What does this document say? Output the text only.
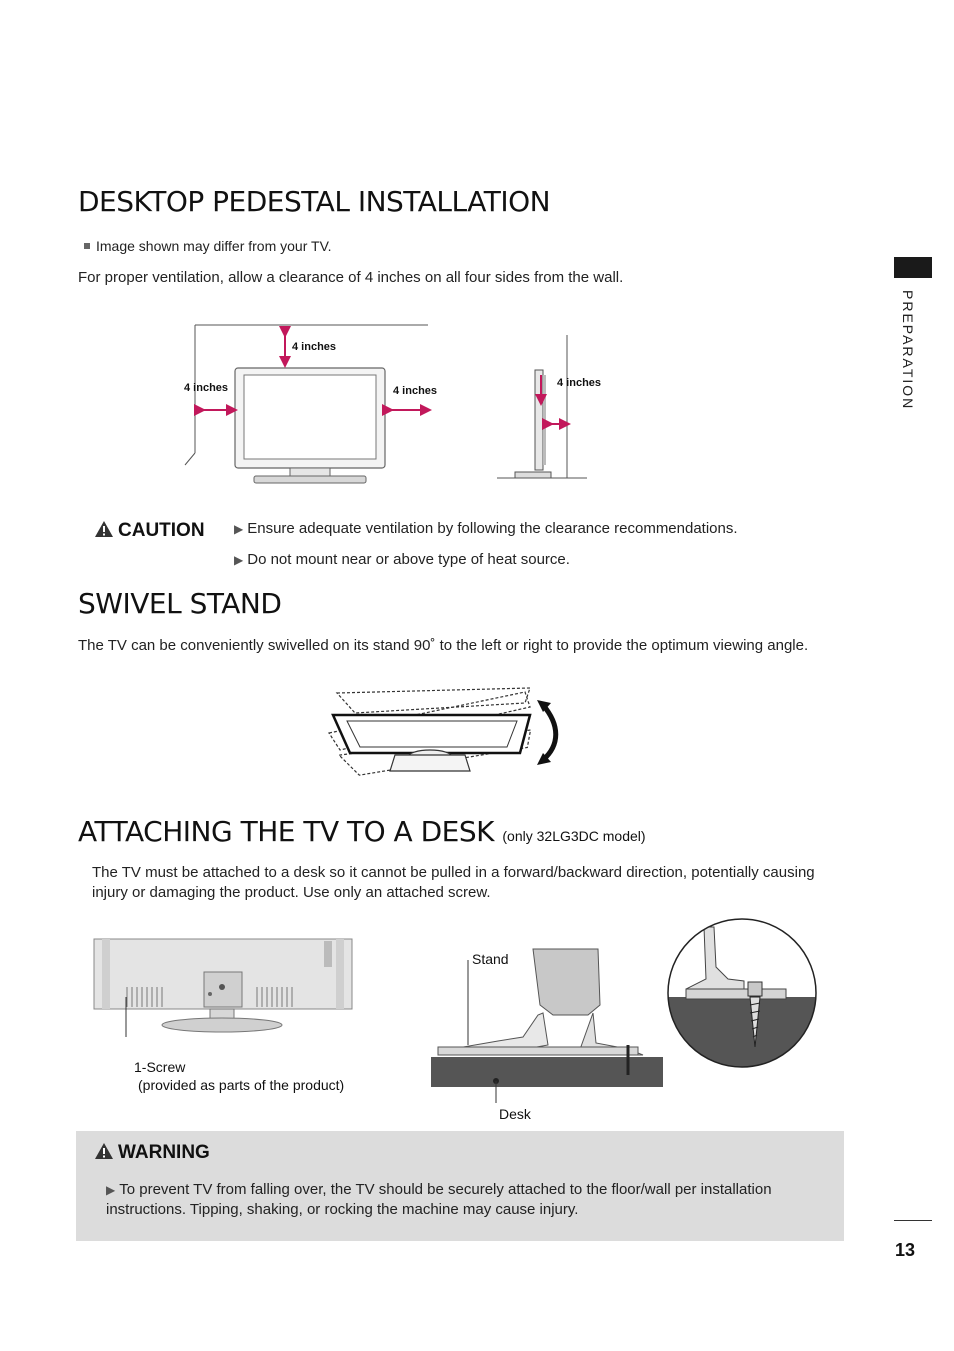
PREPARATION
DESKTOP PEDESTAL INSTALLATION
Image shown may differ from your TV.
For proper ventilation, allow a clearance of 4 inches on all four sides from the wall.
4 inches
4 inches	4 inches
4 inches
CAUTION ▶ Ensure adequate ventilation by following the clearance recommendations.
▶ Do not mount near or above type of heat source.
SWIVEL STAND
The TV can be conveniently swivelled on its stand 90˚ to the left or right to provide the optimum viewing angle.
ATTACHING THE TV TO A DESK (only 32LG3DC model)
The TV must be attached to a desk so it cannot be pulled in a forward/backward direction, potentially causing injury or damaging the product. Use only an attached screw.
1-Screw
(provided as parts of the product)
Stand
Desk
WARNING
▶ To prevent TV from falling over, the TV should be securely attached to the floor/wall per installation instructions. Tipping, shaking, or rocking the machine may cause injury.
13
